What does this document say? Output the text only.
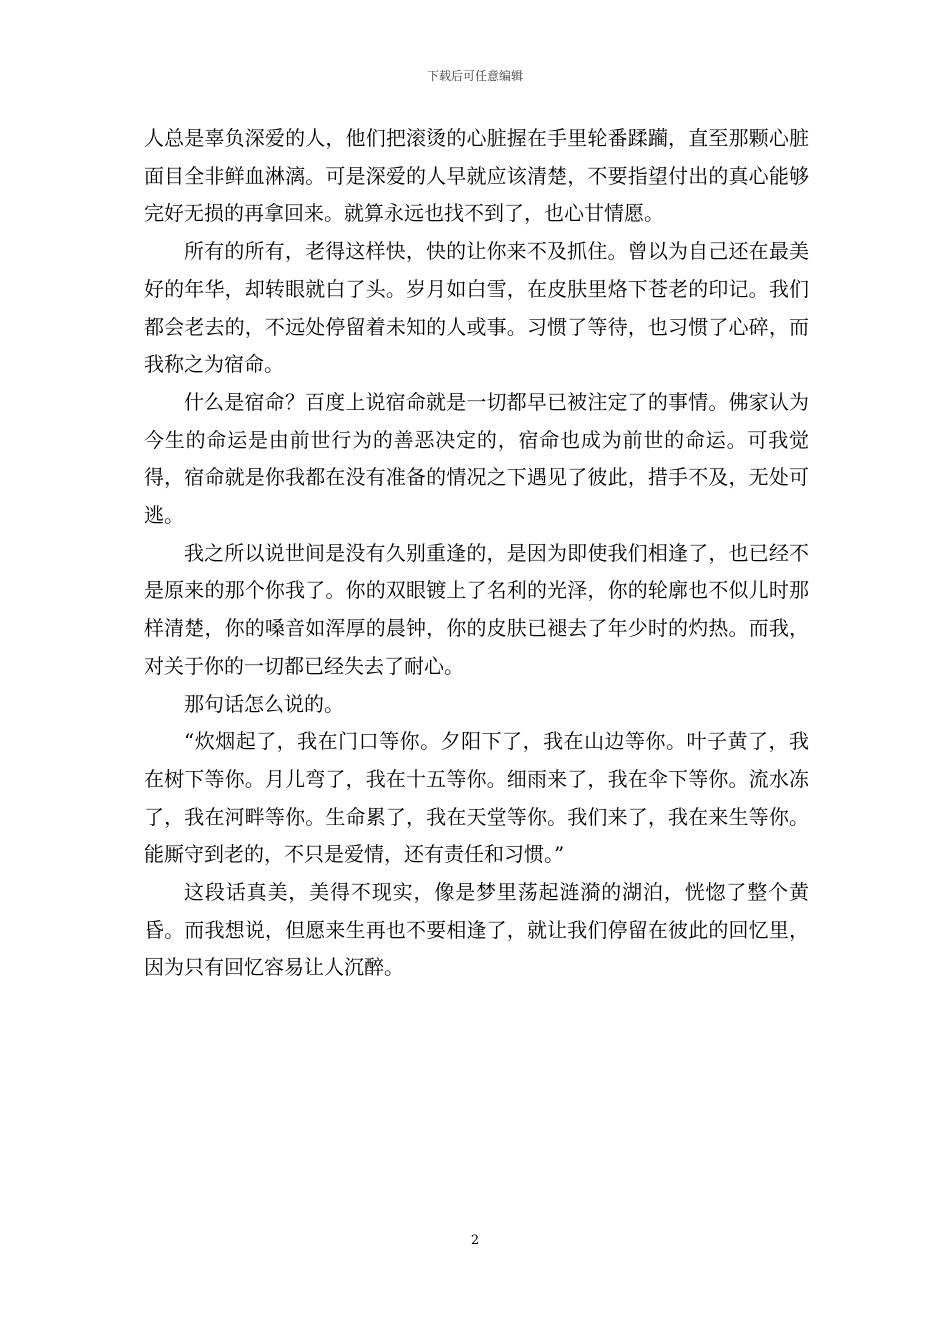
下载后可任意编辑

人总是辜负深爱的人，他们把滚烫的心脏握在手里轮番蹂躏，直至那颗心脏面目全非鲜血淋漓。可是深爱的人早就应该清楚，不要指望付出的真心能够完好无损的再拿回来。就算永远也找不到了，也心甘情愿。

所有的所有，老得这样快，快的让你来不及抓住。曾以为自己还在最美好的年华，却转眼就白了头。岁月如白雪，在皮肤里烙下苍老的印记。我们都会老去的，不远处停留着未知的人或事。习惯了等待，也习惯了心碎，而我称之为宿命。

什么是宿命？百度上说宿命就是一切都早已被注定了的事情。佛家认为今生的命运是由前世行为的善恶决定的，宿命也成为前世的命运。可我觉得，宿命就是你我都在没有准备的情况之下遇见了彼此，措手不及，无处可逃。

我之所以说世间是没有久别重逢的，是因为即使我们相逢了，也已经不是原来的那个你我了。你的双眼镀上了名利的光泽，你的轮廓也不似儿时那样清楚，你的嗓音如浑厚的晨钟，你的皮肤已褪去了年少时的灼热。而我，对关于你的一切都已经失去了耐心。

那句话怎么说的。

“炊烟起了，我在门口等你。夕阳下了，我在山边等你。叶子黄了，我在树下等你。月儿弯了，我在十五等你。细雨来了，我在伞下等你。流水冻了，我在河畔等你。生命累了，我在天堂等你。我们来了，我在来生等你。能厮守到老的，不只是爱情，还有责任和习惯。”

这段话真美，美得不现实，像是梦里荡起涟漪的湖泊，恍惚了整个黄昏。而我想说，但愿来生再也不要相逢了，就让我们停留在彼此的回忆里，因为只有回忆容易让人沉醉。

2
